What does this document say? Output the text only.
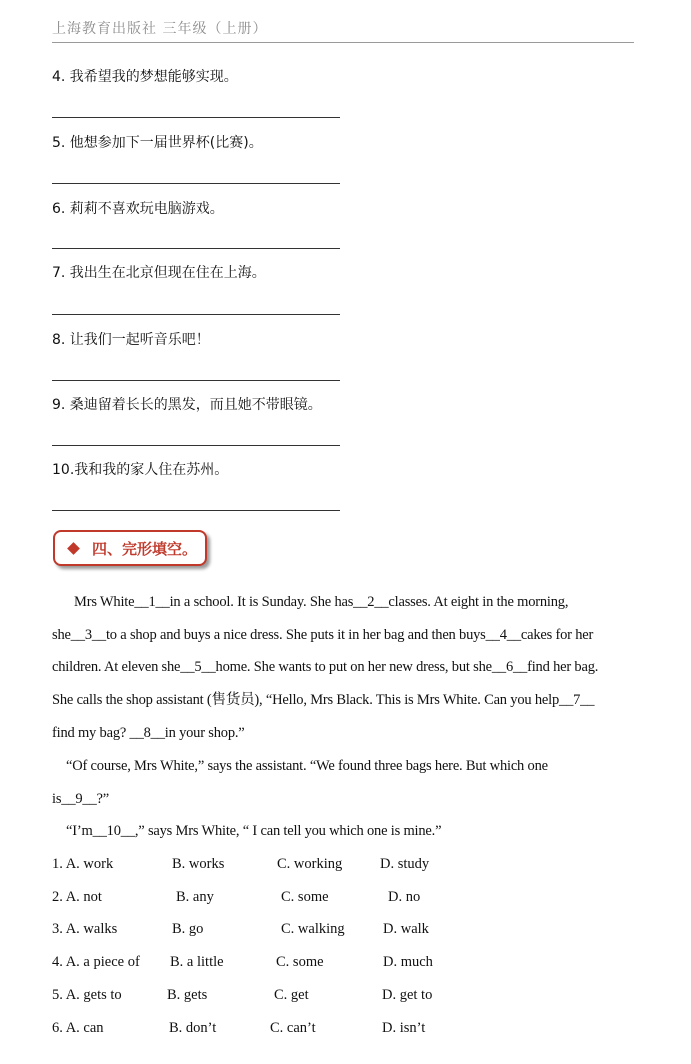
上海教育出版社 三年级（上册）
4. 我希望我的梦想能够实现。
5. 他想参加下一届世界杯(比赛)。
6. 莉莉不喜欢玩电脑游戏。
7. 我出生在北京但现在住在上海。
8. 让我们一起听音乐吧！
9. 桑迪留着长长的黑发，而且她不带眼镜。
10.我和我的家人住在苏州。
四、完形填空。
Mrs White__1__in a school. It is Sunday. She has__2__classes. At eight in the morning,
she__3__to a shop and buys a nice dress. She puts it in her bag and then buys__4__cakes for her
children. At eleven she__5__home. She wants to put on her new dress, but she__6__find her bag.
She calls the shop assistant (售货员), “Hello, Mrs Black. This is Mrs White. Can you help__7__
find my bag? __8__in your shop.”
“Of course, Mrs White,” says the assistant. “We found three bags here. But which one
is__9__?”
“I’m__10__,” says Mrs White, “ I can tell you which one is mine.”
1. A. work	B. works	C. working	D. study
2. A. not	B. any	C. some	D. no
3. A. walks	B. go	C. walking	D. walk
4. A. a piece of B. a little	C. some	D. much
5. A. gets to	B. gets	C. get	D. get to
6. A. can	B. don’t	C. can’t	D. isn’t
